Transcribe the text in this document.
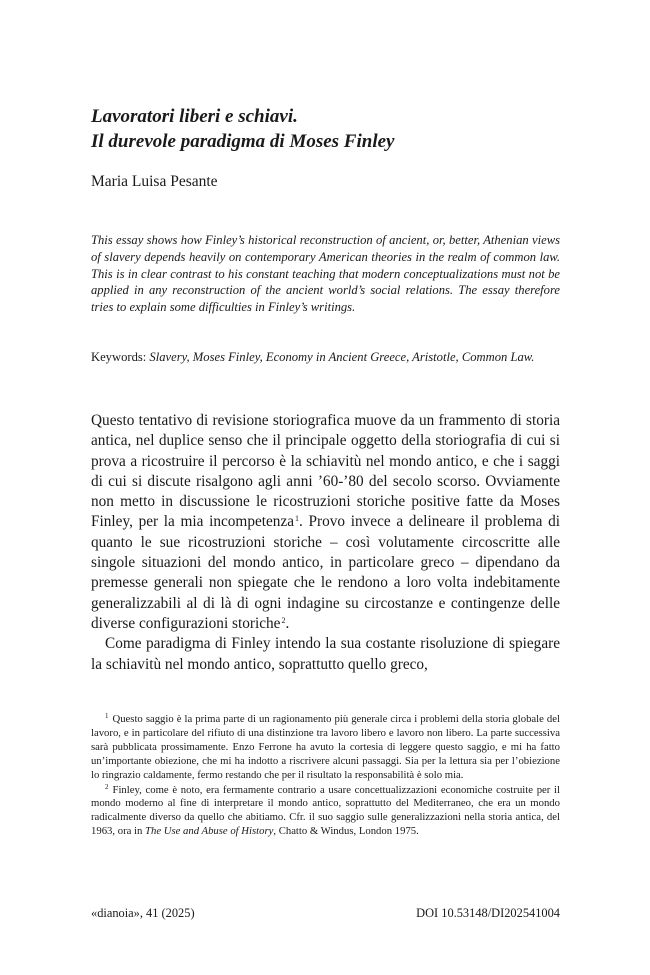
Lavoratori liberi e schiavi.
Il durevole paradigma di Moses Finley
Maria Luisa Pesante

This essay shows how Finley’s historical reconstruction of ancient, or, better, Athenian views of slavery depends heavily on contemporary American theories in the realm of common law. This is in clear contrast to his constant teaching that modern conceptualizations must not be applied in any reconstruction of the ancient world’s social relations. The essay therefore tries to explain some difficulties in Finley’s writings.

Keywords: Slavery, Moses Finley, Economy in Ancient Greece, Aristotle, Common Law.

Questo tentativo di revisione storiografica muove da un frammento di storia antica, nel duplice senso che il principale oggetto della storiografia di cui si prova a ricostruire il percorso è la schiavitù nel mondo antico, e che i saggi di cui si discute risalgono agli anni ’60-’80 del secolo scorso. Ovviamente non metto in discussione le ricostruzioni storiche positive fatte da Moses Finley, per la mia incompetenza$^1$. Provo invece a delineare il problema di quanto le sue ricostruzioni storiche – così volutamente circoscritte alle singole situazioni del mondo antico, in particolare greco – dipendano da premesse generali non spiegate che le rendono a loro volta indebitamente generalizzabili al di là di ogni indagine su circostanze e contingenze delle diverse configurazioni storiche$^2$.

Come paradigma di Finley intendo la sua costante risoluzione di spiegare la schiavitù nel mondo antico, soprattutto quello greco,

$^1$ Questo saggio è la prima parte di un ragionamento più generale circa i problemi della storia globale del lavoro, e in particolare del rifiuto di una distinzione tra lavoro libero e lavoro non libero. La parte successiva sarà pubblicata prossimamente. Enzo Ferrone ha avuto la cortesia di leggere questo saggio, e mi ha fatto un’importante obiezione, che mi ha indotto a riscrivere alcuni passaggi. Sia per la lettura sia per l’obiezione lo ringrazio caldamente, fermo restando che per il risultato la responsabilità è solo mia.

$^2$ Finley, come è noto, era fermamente contrario a usare concettualizzazioni economiche costruite per il mondo moderno al fine di interpretare il mondo antico, soprattutto del Mediterraneo, che era un mondo radicalmente diverso da quello che abitiamo. Cfr. il suo saggio sulle generalizzazioni nella storia antica, del 1963, ora in The Use and Abuse of History, Chatto & Windus, London 1975.

«dianoia», 41 (2025)	DOI 10.53148/DI202541004
